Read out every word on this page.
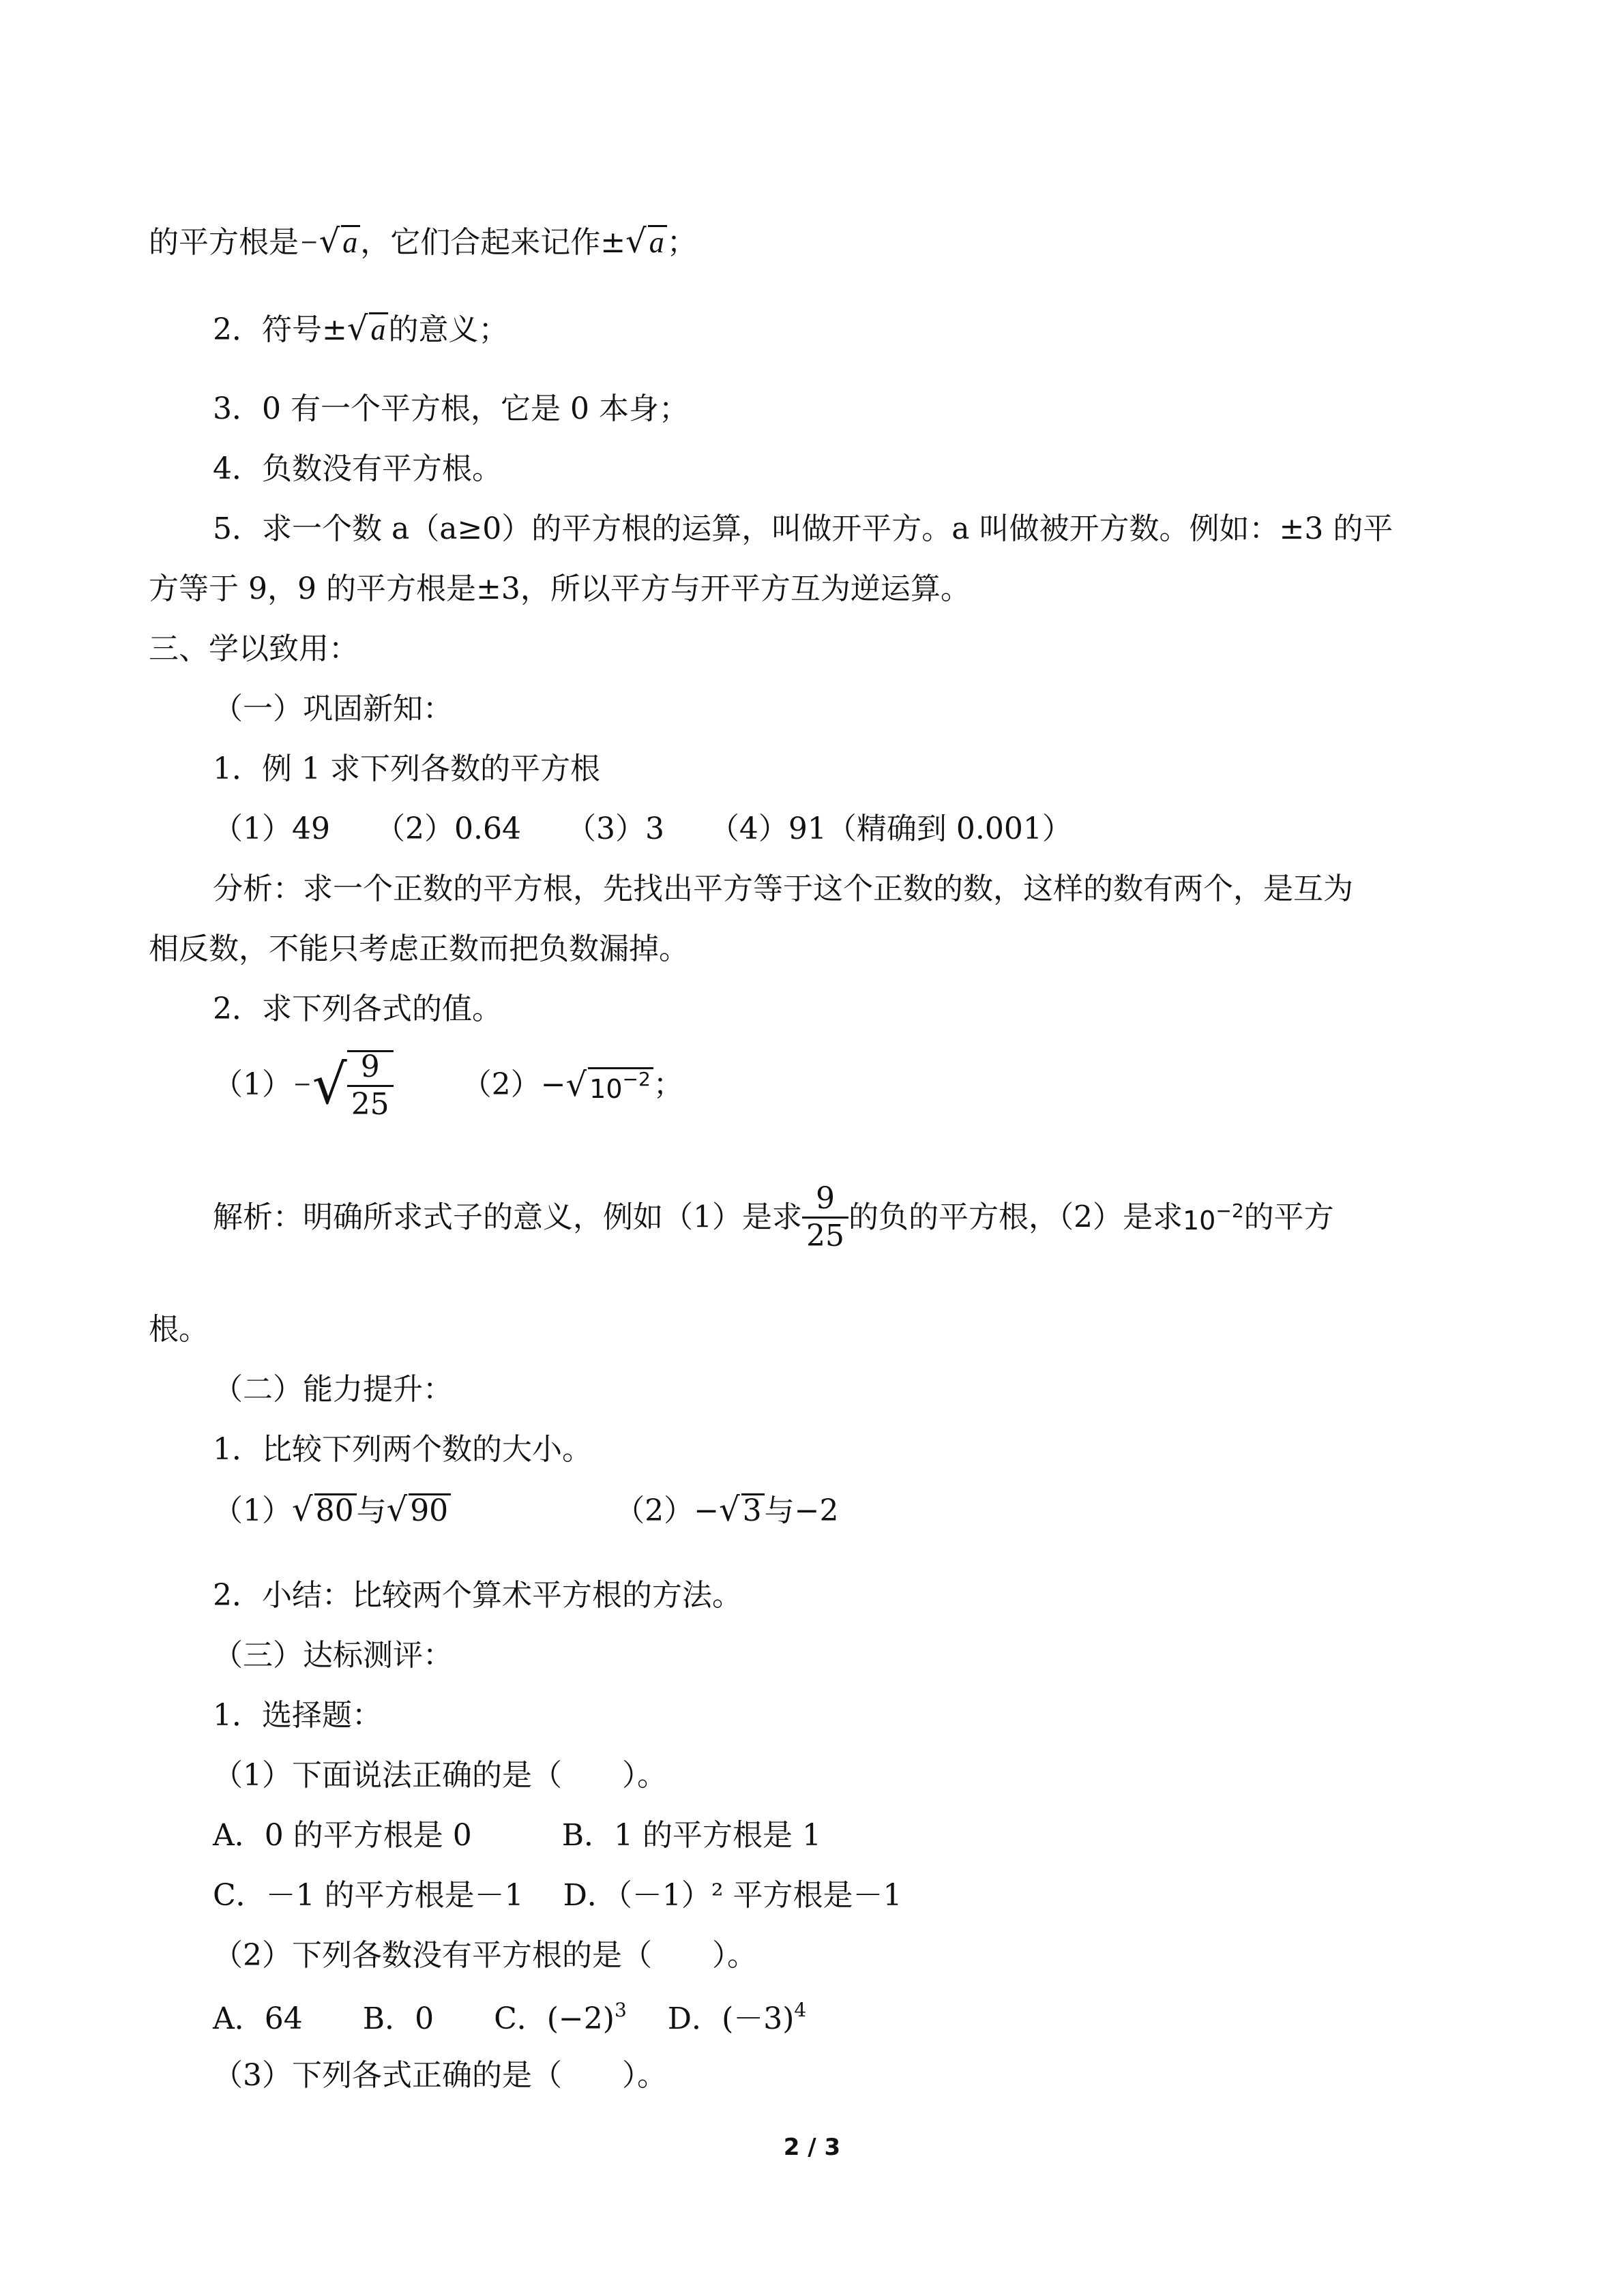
的平方根是−√a，它们合起来记作±√a；
2．符号±√a的意义；
3．0 有一个平方根，它是 0 本身；
4．负数没有平方根。
5．求一个数 a（a≥0）的平方根的运算，叫做开平方。a 叫做被开方数。例如：±3 的平
方等于 9，9 的平方根是±3，所以平方与开平方互为逆运算。
三、学以致用：
（一）巩固新知：
1．例 1 求下列各数的平方根
（1）49　　（2）0.64　　（3）3　　（4）91（精确到 0.001）
分析：求一个正数的平方根，先找出平方等于这个正数的数，这样的数有两个，是互为
相反数，不能只考虑正数而把负数漏掉。
2．求下列各式的值。
$(1)-√ \frac{9}{25} (2)-√$ $10^{-2}$；
解析：明确所求式子的意义，例如（1）是求 $\frac{9}{25}$ 的负的平方根，（2）是求$10^{-2}$的平方
根。
（二）能力提升：
1．比较下列两个数的大小。
（1）√80与√90	（2）−√3与−2
2．小结：比较两个算术平方根的方法。
（三）达标测评：
1．选择题：
（1）下面说法正确的是（　　）。
A．0 的平方根是 0　　　B．1 的平方根是 1
C．－1 的平方根是－1　 D．（－1）² 平方根是－1
（2）下列各数没有平方根的是（　　）。
A．64　　B．0　　C．$(-2)^3$ D．$(-3)^4$
（3）下列各式正确的是（　　）。
2 / 3
